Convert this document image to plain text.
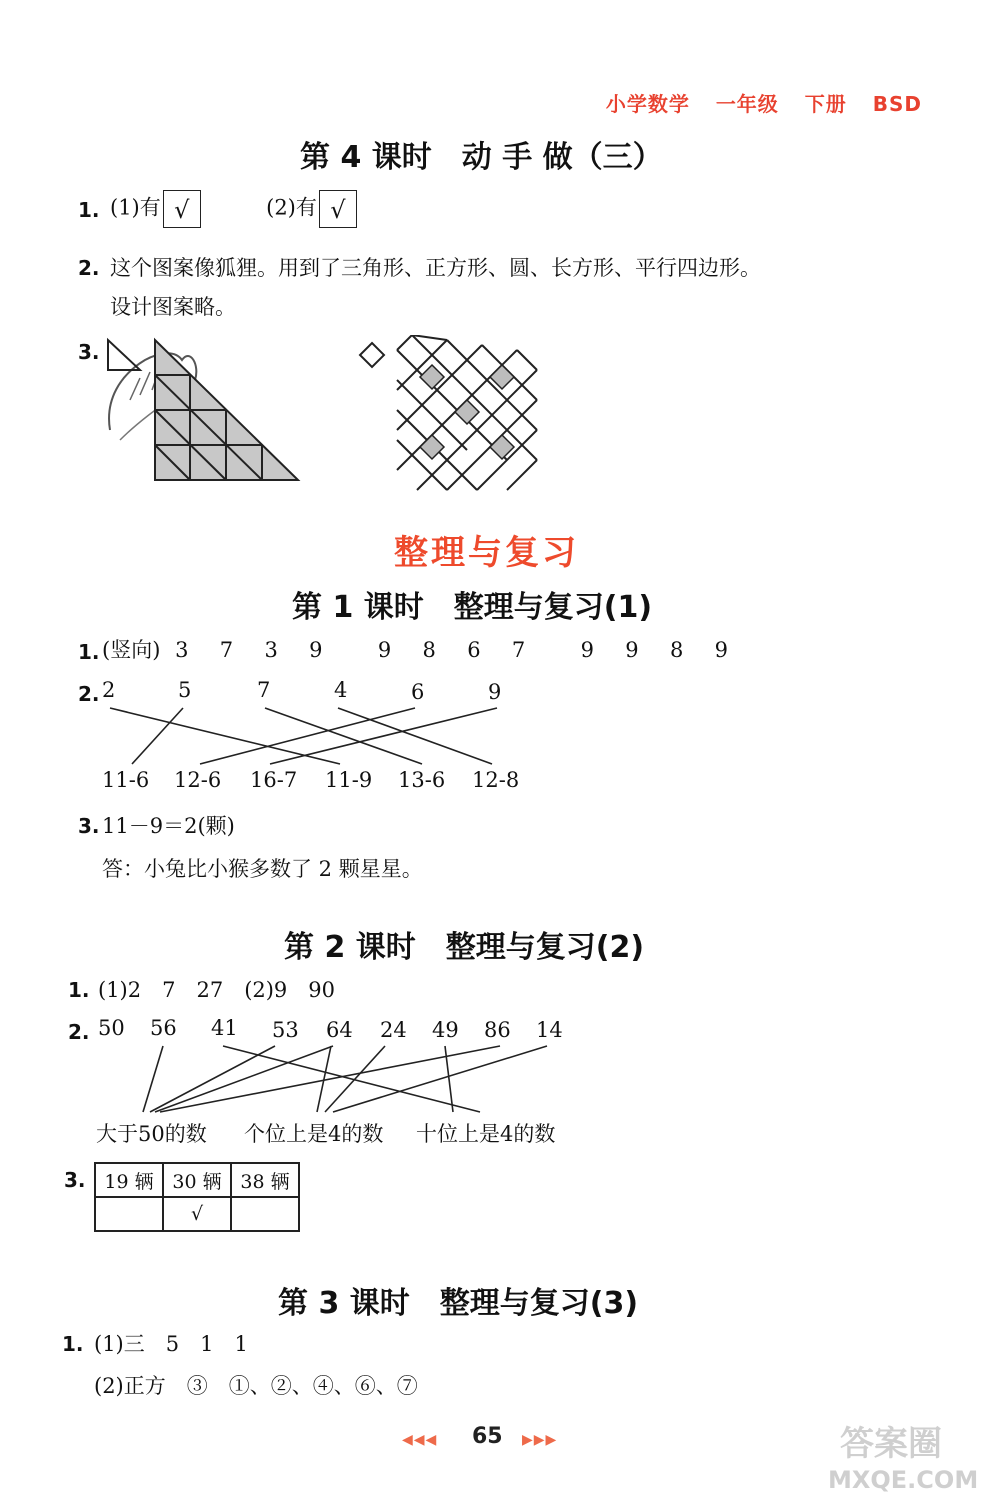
小学数学 一年级 下册 BSD
第 4 课时　动 手 做（三）
1. (1)有 √	(2)有 √
2. 这个图案像狐狸。用到了三角形、正方形、圆、长方形、平行四边形。
设计图案略。
3.
整理与复习
第 1 课时　整理与复习(1)
1. (竖向) 3 7 3 9	9 8 6 7	9 9 8 9
2. 2	5	7	4	6	9
11-6 12-6 16-7 11-9 13-6 12-8
3. 11－9＝2(颗)
答：小兔比小猴多数了 2 颗星星。
第 2 课时　整理与复习(2)
1. (1)2　7　27　(2)9　90
2. 50 56 41 53 64 24 49 86 14
大于50的数 个位上是4的数 十位上是4的数
3. 19 辆	30 辆	38 辆
	√	
第 3 课时　整理与复习(3)
1. (1)三　5　1　1
(2)正方　③　①、②、④、⑥、⑦
◀◀◀ 65 ▶▶▶	答案圈
MXQE.COM
